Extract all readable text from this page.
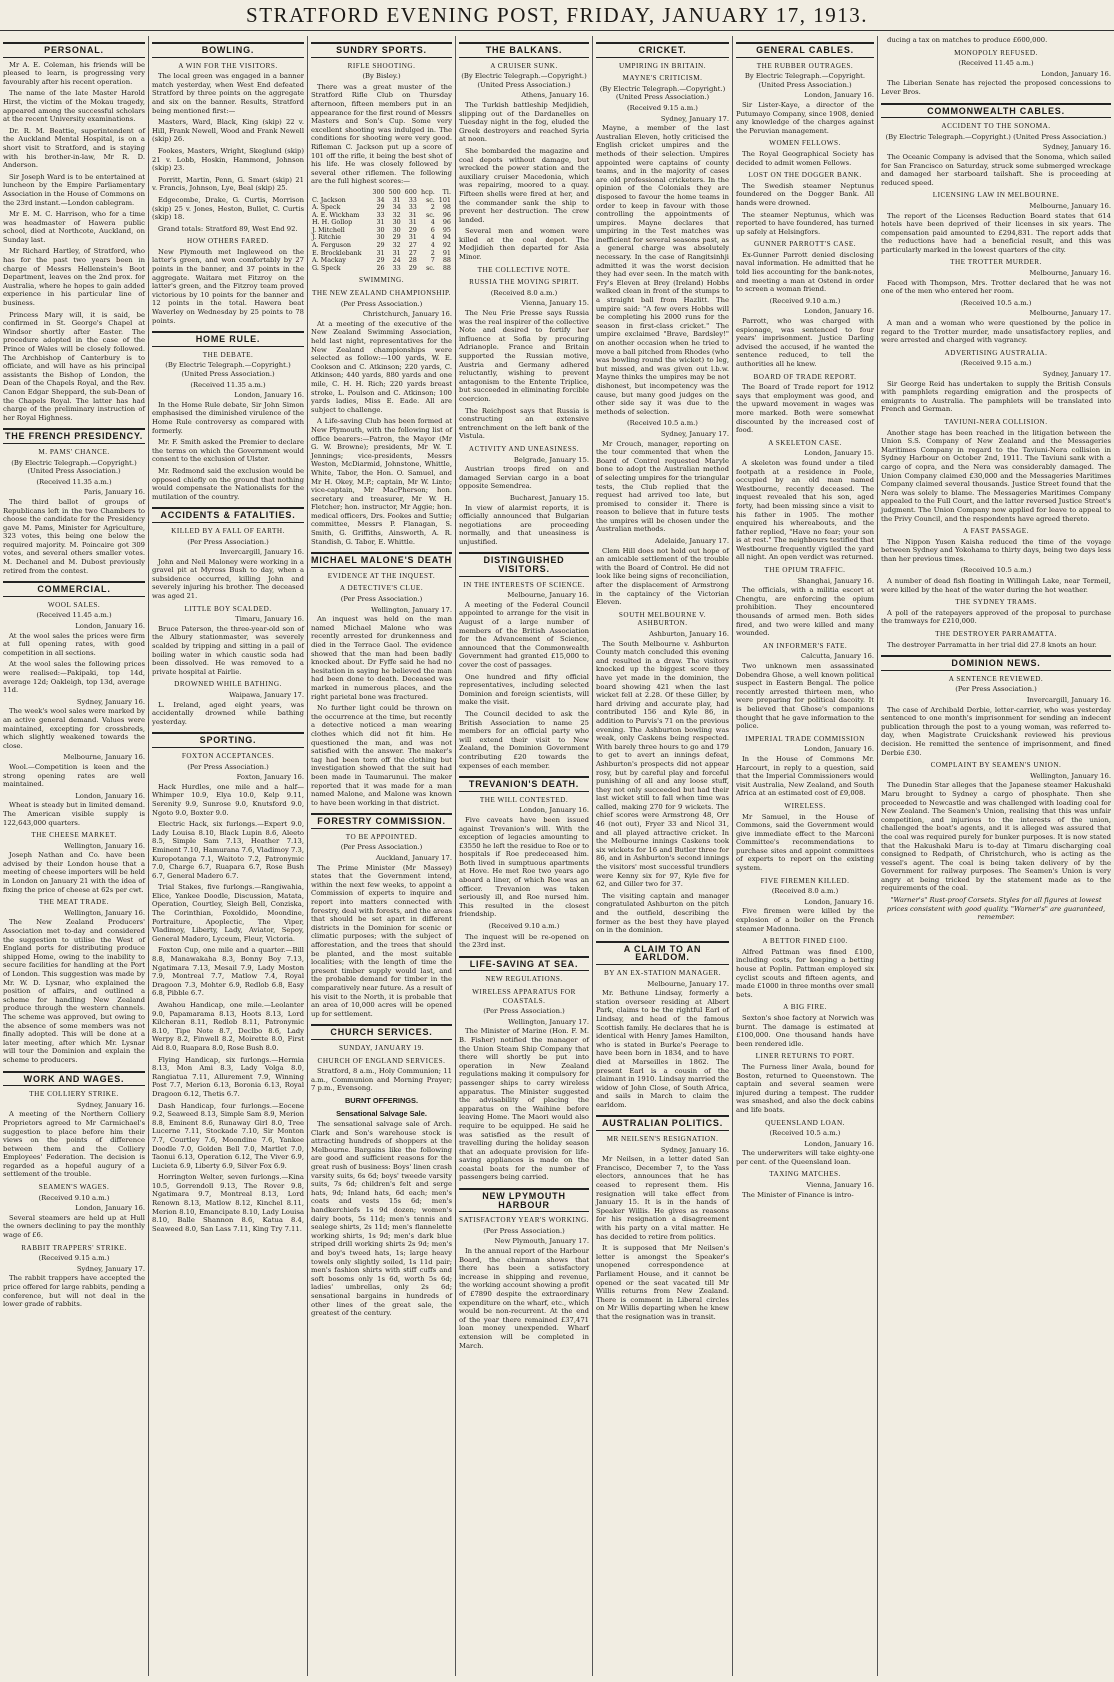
STRATFORD EVENING POST, FRIDAY, JANUARY 17, 1913.
PERSONAL.

Mr A. E. Coleman, his friends will be pleased to learn, is progressing very favourably after his recent operation.

The name of the late Master Harold Hirst, the victim of the Mokau tragedy, appeared among the successful scholars at the recent University examinations.

Dr. R. M. Beattie, superintendent of the Auckland Mental Hospital, is on a short visit to Stratford, and is staying with his brother-in-law, Mr R. D. Anderson.

Sir Joseph Ward is to be entertained at luncheon by the Empire Parliamentary Association in the House of Commons on the 23rd instant.—London cablegram.

Mr E. M. C. Harrison, who for a time was headmaster of Hawera public school, died at Northcote, Auckland, on Sunday last.

Mr Richard Hartley, of Stratford, who has for the past two years been in charge of Messrs Hellenstein's Boot Department, leaves on the 2nd prox. for Australia, where he hopes to gain added experience in his particular line of business.

Princess Mary will, it is said, be confirmed in St. George's Chapel at Windsor shortly after Easter. The procedure adopted in the case of the Prince of Wales will be closely followed. The Archbishop of Canterbury is to officiate, and will have as his principal assistants the Bishop of London, the Dean of the Chapels Royal, and the Rev. Canon Edgar Sheppard, the sub-Dean of the Chapels Royal. The latter has had charge of the preliminary instruction of her Royal Highness.

THE FRENCH PRESIDENCY.
M. PAMS' CHANCE.
(By Electric Telegraph.—Copyright.) (United Press Association.)
(Received 11.35 a.m.)
Paris, January 16.

The third ballot of groups of Republicans left in the two Chambers to choose the candidate for the Presidency gave M. Pams, Minister for Agriculture, 323 votes, this being one below the required majority. M. Poincaire got 309 votes, and several others smaller votes. M. Dechanel and M. Dubost previously retired from the contest.

COMMERCIAL.
WOOL SALES.
(Received 11.45 a.m.)
London, January 16.

At the wool sales the prices were firm at full opening rates, with good competition in all sections.

At the wool sales the following prices were realised:—Pakipaki, top 14d, average 12d; Oakleigh, top 13d, average 11d.

Sydney, January 16.

The week's wool sales were marked by an active general demand. Values were maintained, excepting for crossbreds, which slightly weakened towards the close.

Melbourne, January 16.

Wool.—Competition is keen and the strong opening rates are well maintained.

London, January 16.

Wheat is steady but in limited demand. The American visible supply is 122,643,000 quarters.

THE CHEESE MARKET.
Wellington, January 16.

Joseph Nathan and Co. have been advised by their London house that a meeting of cheese importers will be held in London on January 21 with the idea of fixing the price of cheese at 62s per cwt.

THE MEAT TRADE.
Wellington, January 16.

The New Zealand Producers' Association met to-day and considered the suggestion to utilise the West of England ports for distributing produce shipped Home, owing to the inability to secure facilities for handling at the Port of London. This suggestion was made by Mr. W. D. Lysnar, who explained the position of affairs, and outlined a scheme for handling New Zealand produce through the western channels. The scheme was approved, but owing to the absence of some members was not finally adopted. This will be done at a later meeting, after which Mr. Lysnar will tour the Dominion and explain the scheme to producers.

WORK AND WAGES.
THE COLLIERY STRIKE.
Sydney, January 16.

A meeting of the Northern Colliery Proprietors agreed to Mr Carmichael's suggestion to place before him their views on the points of difference between them and the Colliery Employees' Federation. The decision is regarded as a hopeful augury of a settlement of the trouble.

SEAMEN'S WAGES.
(Received 9.10 a.m.)
London, January 16.

Several steamers are held up at Hull the owners declining to pay the monthly wage of £6.

RABBIT TRAPPERS' STRIKE.
(Received 9.15 a.m.)
Sydney, January 17.

The rabbit trappers have accepted the price offered for large rabbits, pending a conference, but will not deal in the lower grade of rabbits.

BOWLING.
A WIN FOR THE VISITORS.

The local green was engaged in a banner match yesterday, when West End defeated Stratford by three points on the aggregate and six on the banner. Results, Stratford being mentioned first:—

Masters, Ward, Black, King (skip) 22 v. Hill, Frank Newell, Wood and Frank Newell (skip) 26.

Fookes, Masters, Wright, Skeglund (skip) 21 v. Lobb, Hoskin, Hammond, Johnson (skip) 23.

Porritt, Martin, Penn, G. Smart (skip) 21 v. Francis, Johnson, Lye, Beal (skip) 25.

Edgecombe, Drake, G. Curtis, Morrison (skip) 25 v. Jones, Heston, Bullet, C. Curtis (skip) 18.

Grand totals: Stratford 89, West End 92.

HOW OTHERS FARED.

New Plymouth met Ingleweod on the latter's green, and won comfortably by 27 points in the banner, and 37 points in the aggregate. Waitara met Fitzroy on the latter's green, and the Fitzroy team proved victorious by 10 points for the banner and 12 points in the total. Hawera beat Waverley on Wednesday by 25 points to 78 points.

HOME RULE.
THE DEBATE.
(By Electric Telegraph.—Copyright.) (United Press Association.)
(Received 11.35 a.m.)
London, January 16.

In the Home Rule debate, Sir John Simon emphasised the diminished virulence of the Home Rule controversy as compared with formerly.

Mr. F. Smith asked the Premier to declare the terms on which the Government would consent to the exclusion of Ulster.

Mr. Redmond said the exclusion would be opposed chiefly on the ground that nothing would compensate the Nationalists for the mutilation of the country.

ACCIDENTS & FATALITIES.
KILLED BY A FALL OF EARTH.
(Per Press Association.)
Invercargill, January 16.

John and Neil Maloney were working in a gravel pit at Myross Bush to day, when a subsidence occurred, killing John and severely injuring his brother. The deceased was aged 21.

LITTLE BOY SCALDED.
Timaru, January 16.

Bruce Paterson, the three-year-old son of the Albury stationmaster, was severely scalded by tripping and sitting in a pail of boiling water in which caustic soda had been dissolved. He was removed to a private hospital at Fairlie.

DROWNED WHILE BATHING.
Waipawa, January 17.

L. Ireland, aged eight years, was accidentally drowned while bathing yesterday.

SPORTING.
FOXTON ACCEPTANCES.
(Per Press Association.)
Foxton, January 16.

Hack Hurdles, one mile and a half—Whimper 10.9, Elya 10.0, Kelp 9.11, Serenity 9.9, Sunrose 9.0, Knutsford 9.0, Ngoto 9.0, Boxter 9.0.

Electric Hack, six furlongs.—Expert 9.0, Lady Louisa 8.10, Black Lupin 8.6, Aleeto 8.5, Simple Sam 7.13, Heather 7.13, Eminent 7.10, Hamurana 7.6, Vladimoy 7.3, Kuropotanga 7.1, Waitoto 7.2, Patronymic 7.0, Charge 6.7, Ruapara 6.7, Rose Bush 6.7, General Madero 6.7.

Trial Stakes, five furlongs.—Rangiwahia, Elice, Yankee Doodle, Discussion, Matata, Operation, Courtley, Sleigh Bell, Conziska, The Corinthian, Foxoldido, Moondine, Portraiture, Apoplectic, The Viper, Vladimoy, Liberty, Lady, Aviator, Sepoy, General Madero, Lyceum, Fleur, Victoria.

Foxton Cup, one mile and a quarter.—Bill 8.8, Manawakaha 8.3, Bonny Boy 7.13, Ngatimara 7.13, Mesail 7.9, Lady Moston 7.9, Montreal 7.7, Matlow 7.4, Royal Dragoon 7.3, Mohter 6.9, Redlob 6.8, Easy 6.8, Pibble 6.7.

Awahou Handicap, one mile.—Leolanter 9.0, Papamarama 8.13, Hoots 8.13, Lord Kilcheran 8.11, Redlob 8.11, Patronymic 8.10, Tipe Note 8.7, Declbo 8.6, Lady Werpy 8.2, Finwell 8.2, Moirette 8.0, First Aid 8.0, Ruapara 8.0, Rose Bush 8.0.

Flying Handicap, six furlongs.—Hermia 8.13, Mon Ami 8.3, Lady Volga 8.0, Rangiatua 7.11, Allurement 7.9, Winning Post 7.7, Merion 6.13, Boronia 6.13, Royal Dragoon 6.12, Thetis 6.7.

Dash Handicap, four furlongs.—Eocene 9.2, Seaweed 8.13, Simple Sam 8.9, Merion 8.8, Eminent 8.6, Runaway Girl 8.0, Tree Lucerne 7.11, Stockade 7.10, Sir Monton 7.7, Courtley 7.6, Moondine 7.6, Yankee Doodle 7.0, Golden Bell 7.0, Martlet 7.0, Taonui 6.13, Operation 6.12, The Viver 6.9, Lucieta 6.9, Liberty 6.9, Silver Fox 6.9.

Horrington Welter, seven furlongs.—Kina 10.5, Gorrendoll 9.13, The Rover 9.8, Ngatimara 9.7, Montreal 8.13, Lord Renown 8.13, Matlow 8.12, Kinchel 8.11, Merion 8.10, Emancipate 8.10, Lady Louisa 8.10, Balle Shannon 8.6, Katua 8.4, Seaweed 8.0, San Lass 7.11, King Try 7.11.

SUNDRY SPORTS.
RIFLE SHOOTING.
(By Bisley.)

There was a great muster of the Stratford Rifle Club on Thursday afternoon, fifteen members put in an appearance for the first round of Messrs Masters and Son's Cup. Some very excellent shooting was indulged in. The conditions for shooting were very good. Rifleman C. Jackson put up a score of 101 off the rifle, it being the best shot of his life. He was closely followed by several other riflemen. The following are the full highest scores:—

	300	500	600	hcp.	Tl.
C. Jackson	34	31	33	sc.	101
A. Speck	29	34	33	2	98
A. E. Wickham	33	32	31	sc.	96
H. H. Gollop	31	30	31	4	96
J. Mitchell	30	30	29	6	95
J. Ritchie	30	29	31	4	94
A. Ferguson	29	32	27	4	92
E. Brocklebank	31	31	27	2	91
A. Mackay	29	24	28	7	88
G. Speck	26	33	29	sc.	88
SWIMMING.
THE NEW ZEALAND CHAMPIONSHIP.
(Per Press Association.)
Christchurch, January 16.

At a meeting of the executive of the New Zealand Swimming Association, held last night, representatives for the New Zealand championships were selected as follow:—100 yards, W. E. Cookson and C. Atkinson; 220 yards, C. Atkinson; 440 yards, 880 yards and one mile, C. H. H. Rich; 220 yards breast stroke, L. Poulson and C. Atkinson; 100 yards ladies, Miss E. Eade. All are subject to challenge.

A Life-saving Club has been formed at New Plymouth, with the following list of office bearers:—Patron, the Mayor (Mr G. W. Browne); presidents, Mr W. T. Jennings; vice-presidents, Messrs Weston, McDiarmid, Johnstone, Whittle, White, Tabor, the Hon. O. Samuel, and Mr H. Okey, M.P.; captain, Mr W. Linto; vice-captain, Mr MacPherson; hon. secretary and treasurer, Mr W. H. Fletcher; hon. instructor, Mr Aggie; hon. medical officers, Drs. Fookes and Suttie; committee, Messrs P. Flanagan, S. Smith, G. Griffiths, Ainsworth, A. R. Standish, G. Tabor, E. Whittle.

MICHAEL MALONE'S DEATH
EVIDENCE AT THE INQUEST.
A DETECTIVE'S CLUE.
(Per Press Association.)
Wellington, January 17.

An inquest was held on the man named Michael Malone who was recently arrested for drunkenness and died in the Terrace Gaol. The evidence showed that the man had been badly knocked about. Dr Fyffe said he had no hesitation in saying he believed the man had been done to death. Deceased was marked in numerous places, and the right parietal bone was fractured.

No further light could be thrown on the occurrence at the time, but recently a detective noticed a man wearing clothes which did not fit him. He questioned the man, and was not satisfied with the answer. The maker's tag had been torn off the clothing but investigation showed that the suit had been made in Taumarunui. The maker reported that it was made for a man named Malone, and Malone was known to have been working in that district.

FORESTRY COMMISSION.
TO BE APPOINTED.
(Per Press Association.)
Auckland, January 17.

The Prime Minister (Mr Massey) states that the Government intend, within the next few weeks, to appoint a Commission of experts to inquire and report into matters connected with forestry, deal with forests, and the areas that should be set apart in different districts in the Dominion for scenic or climatic purposes; with the subject of afforestation, and the trees that should be planted, and the most suitable localities; with the length of time the present timber supply would last, and the probable demand for timber in the comparatively near future. As a result of his visit to the North, it is probable that an area of 10,000 acres will be opened up for settlement.

CHURCH SERVICES.
SUNDAY, JANUARY 19.
CHURCH OF ENGLAND SERVICES.

Stratford, 8 a.m., Holy Communion; 11 a.m., Communion and Morning Prayer; 7 p.m., Evensong.

BURNT OFFERINGS.
Sensational Salvage Sale.

The sensational salvage sale of Arch. Clark and Son's warehouse stock is attracting hundreds of shoppers at the Melbourne. Bargains like the following are good and sufficient reasons for the great rush of business: Boys' linen crash varsity suits, 6s 6d; boys' tweede varsity suits, 7s 6d; children's felt and serge hats, 9d; Inland hats, 6d each; men's coats and vests 15s 6d; men's handkerchiefs 1s 9d dozen; women's dairy boots, 5s 11d; men's tennis and sealege shirts, 2s 11d; men's flannelette working shirts, 1s 9d; men's dark blue striped drill working shirts 2s 9d; men's and boy's tweed hats, 1s; large heavy towels only slightly soiled, 1s 11d pair; men's fashion shirts with stiff cuffs and soft bosoms only 1s 6d, worth 5s 6d; ladies' umbrellas, only 2s 6d; sensational bargains in hundreds of other lines of the great sale, the greatest of the century.

THE BALKANS.
A CRUISER SUNK.
(By Electric Telegraph.—Copyright.) (United Press Association.)
Athens, January 16.

The Turkish battleship Medjidieh, slipping out of the Dardanelles on Tuesday night in the fog, eluded the Greek destroyers and reached Syria at noon.

She bombarded the magazine and coal depots without damage, but wrecked the power station and the auxiliary cruiser Macedonia, which was repairing, moored to a quay. Fifteen shells were fired at her, and the commander sank the ship to prevent her destruction. The crew landed.

Several men and women were killed at the coal depot. The Medjidieh then departed for Asia Minor.

THE COLLECTIVE NOTE.
RUSSIA THE MOVING SPIRIT.
(Received 8.0 a.m.)
Vienna, January 15.

The Neu Frie Presse says Russia was the real inspirer of the collective Note and desired to fortify her influence at Sofia by procuring Adrianople. France and Britain supported the Russian motive, Austria and Germany adhered reluctantly, wishing to prevent antagonism to the Entente Triplice, but succeeded in eliminating forcible coercion.

The Reichpost says that Russia is constructing an extensive entrenchment on the left bank of the Vistula.

ACTIVITY AND UNEASINESS.
Belgrade, January 15.

Austrian troops fired on and damaged Servian cargo in a boat opposite Semendrea.

Bucharest, January 15.

In view of alarmist reports, it is officially announced that Bulgarian negotiations are proceeding normally, and that uneasiness is unjustified.

DISTINGUISHED VISITORS.
IN THE INTERESTS OF SCIENCE.
Melbourne, January 16.

A meeting of the Federal Council appointed to arrange for the visit in August of a large number of members of the British Association for the Advancement of Science, announced that the Commonwealth Government had granted £15,000 to cover the cost of passages.

One hundred and fifty official representatives, including selected Dominion and foreign scientists, will make the visit.

The Council decided to ask the British Association to name 25 members for an official party who will extend their visit to New Zealand, the Dominion Government contributing £20 towards the expenses of each member.

TREVANION'S DEATH.
THE WILL CONTESTED.
London, January 16.

Five caveats have been issued against Trevanion's will. With the exception of legacies amounting to £3550 he left the residue to Roe or to hospitals if Roe predeceased him. Both lived in sumptuous apartments at Hove. He met Roe two years ago aboard a liner, of which Roe was an officer. Trevanion was taken seriously ill, and Roe nursed him. This resulted in the closest friendship.

(Received 9.10 a.m.)

The inquest will be re-opened on the 23rd inst.

LIFE-SAVING AT SEA.
NEW REGULATIONS.
WIRELESS APPARATUS FOR COASTALS.
(Per Press Association.)
Wellington, January 17.

The Minister of Marine (Hon. F. M. B. Fisher) notified the manager of the Union Steam Ship Company that there will shortly be put into operation in New Zealand regulations making it compulsory for passenger ships to carry wireless apparatus. The Minister suggested the advisability of placing the apparatus on the Waihine before leaving Home. The Maori would also require to be equipped. He said he was satisfied as the result of travelling during the holiday season that an adequate provision for life-saving appliances is made on the coastal boats for the number of passengers being carried.

NEW LPYMOUTH HARBOUR
SATISFACTORY YEAR'S WORKING.
(Per Press Association.)
New Plymouth, January 17.

In the annual report of the Harbour Board, the chairman shows that there has been a satisfactory increase in shipping and revenue, the working account showing a profit of £7890 despite the extraordinary expenditure on the wharf, etc., which would be non-recurrent. At the end of the year there remained £37,471 loan money unexpended. Wharf extension will be completed in March.

CRICKET.
UMPIRING IN BRITAIN.
MAYNE'S CRITICISM.
(By Electric Telegraph.—Copyright.) (United Press Association.)
(Received 9.15 a.m.)
Sydney, January 17.

Mayne, a member of the last Australian Eleven, hotly criticised the English cricket umpires and the methods of their selection. Umpires appointed were captains of county teams, and in the majority of cases are old professional cricketers. In the opinion of the Colonials they are disposed to favour the home teams in order to keep in favour with those controlling the appointments of umpires. Mayne declares that umpiring in the Test matches was inefficient for several seasons past, as a general charge was absolutely necessary. In the case of Rangitsinhji admitted it was the worst decision they had ever seen. In the match with Fry's Eleven at Brey (Ireland) Hobbs walked clean in front of the stumps to a straight ball from Hazlitt. The umpire said: "A few overs Hobbs will be completing his 2000 runs for the season in first-class cricket." The umpire exclaimed "Brave, Bardsley!" on another occasion when he tried to move a ball pitched from Rhodes (who was bowling round the wicket) to leg, but missed, and was given out l.b.w. Mayne thinks the umpires may be not dishonest, but incompetency was the cause, but many good judges on the other side say it was due to the methods of selection.

(Received 10.5 a.m.)
Sydney, January 17.

Mr Crouch, manager, reporting on the tour commented that when the Board of Control requested Maryle bone to adopt the Australian method of selecting umpires for the triangular tests, the Club replied that the request had arrived too late, but promised to consider it. There is reason to believe that in future tests the umpires will be chosen under the Australian methods.

Adelaide, January 17.

Clem Hill does not hold out hope of an amicable settlement of the trouble with the Board of Control. He did not look like being signs of reconciliation, after the displacement of Armstrong in the captaincy of the Victorian Eleven.

SOUTH MELBOURNE V. ASHBURTON.
Ashburton, January 16.

The South Melbourne v. Ashburton County match concluded this evening and resulted in a draw. The visitors knocked up the biggest score they have yet made in the dominion, the board showing 421 when the last wicket fell at 2.28. Of these Giller, by hard driving and accurate play, had contributed 156 and Kyle 86, in addition to Purvis's 71 on the previous evening. The Ashburton bowling was weak, only Caskens being respected. With barely three hours to go and 179 to get to avert an innings defeat, Ashburton's prospects did not appear rosy, but by careful play and forceful punishing of all and any loose stuff, they not only succeeded but had their last wicket still to fall when time was called, making 270 for 9 wickets. The chief scores were Armstrong 48, Orr 46 (not out), Fryer 33 and Nicol 31, and all played attractive cricket. In the Melbourne innings Caskens took six wickets for 16 and Butler three for 86, and in Ashburton's second innings the visitors' most successful trundlers were Kenny six for 97, Kyle five for 62, and Giller two for 37.

The visiting captain and manager congratulated Ashburton on the pitch and the outfield, describing the former as the best they have played on in the dominion.

A CLAIM TO AN EARLDOM.
BY AN EX-STATION MANAGER.
Melbourne, January 17.

Mr. Bethune Lindsay, formerly a station overseer residing at Albert Park, claims to be the rightful Earl of Lindsay, and head of the famous Scottish family. He declares that he is identical with Henry James Hamilton, who is stated in Burke's Peerage to have been born in 1834, and to have died at Marseilles in 1862. The present Earl is a cousin of the claimant in 1910. Lindsay married the widow of John Close, of South Africa, and sails in March to claim the earldom.

AUSTRALIAN POLITICS.
MR NEILSEN'S RESIGNATION.
Sydney, January 16.

Mr Neilsen, in a letter dated San Francisco, December 7, to the Yass electors, announces that he has ceased to represent them. His resignation will take effect from January 15. It is in the hands of Speaker Willis. He gives as reasons for his resignation a disagreement with his party on a vital matter. He has decided to retire from politics.

It is supposed that Mr Neilsen's letter is amongst the Speaker's unopened correspondence at Parliament House, and it cannot be opened or the seat vacated till Mr Willis returns from New Zealand. There is comment in Liberal circles on Mr Willis departing when he knew that the resignation was in transit.

GENERAL CABLES.
THE RUBBER OUTRAGES.
By Electric Telegraph.—Copyright. (United Press Association.)
London, January 16.

Sir Lister-Kaye, a director of the Putumayo Company, since 1908, denied any knowledge of the charges against the Peruvian management.

WOMEN FELLOWS.

The Royal Geographical Society has decided to admit women Fellows.

LOST ON THE DOGGER BANK.

The Swedish steamer Neptunus foundered on the Dogger Bank. All hands were drowned.

The steamer Neptunus, which was reported to have foundered, has turned up safely at Helsingfors.

GUNNER PARROTT'S CASE.

Ex-Gunner Parrott denied disclosing naval information. He admitted that he told lies accounting for the bank-notes, and meeting a man at Ostend in order to screen a woman friend.

(Received 9.10 a.m.)
London, January 16.

Parrott, who was charged with espionage, was sentenced to four years' imprisonment. Justice Darling advised the accused, if he wanted the sentence reduced, to tell the authorities all he knew.

BOARD OF TRADE REPORT.

The Board of Trade report for 1912 says that employment was good, and the upward movement in wages was more marked. Both were somewhat discounted by the increased cost of food.

A SKELETON CASE.
London, January 15.

A skeleton was found under a tiled footpath at a residence in Poole, occupied by an old man named Westbourne, recently deceased. The inquest revealed that his son, aged forty, had been missing since a visit to his father in 1905. The mother enquired his whereabouts, and the father replied, "Have no fear; your son is at rest." The neighbours testified that Westbourne frequently vigiled the yard all night. An open verdict was returned.

THE OPIUM TRAFFIC.
Shanghai, January 16.

The officials, with a militia escort at Chengtu, are enforcing the opium prohibition. They encountered thousands of armed men. Both sides fired, and two were killed and many wounded.

AN INFORMER'S FATE.
Calcutta, January 16.

Two unknown men assassinated Dobendra Ghose, a well known political suspect in Eastern Bengal. The police recently arrested thirteen men, who were preparing for political dacoity. It is believed that Ghose's companions thought that he gave information to the police.

IMPERIAL TRADE COMMISSION
London, January 16.

In the House of Commons Mr. Harcourt, in reply to a question, said that the Imperial Commissioners would visit Australia, New Zealand, and South Africa at an estimated cost of £9,008.

WIRELESS.

Mr Samuel, in the House of Commons, said the Government would give immediate effect to the Marconi Committee's recommendations to purchase sites and appoint committees of experts to report on the existing system.

FIVE FIREMEN KILLED.
(Received 8.0 a.m.)
London, January 16.

Five firemen were killed by the explosion of a boiler on the French steamer Madonna.

A BETTOR FINED £100.

Alfred Pattman was fined £100, including costs, for keeping a betting house at Poplin. Pattman employed six cyclist scouts and fifteen agents, and made £1000 in three months over small bets.

A BIG FIRE.

Sexton's shoe factory at Norwich was burnt. The damage is estimated at £100,000. One thousand hands have been rendered idle.

LINER RETURNS TO PORT.

The Furness liner Avala, bound for Boston, returned to Queenstown. The captain and several seamen were injured during a tempest. The rudder was smashed, and also the deck cabins and life boats.

QUEENSLAND LOAN.
(Received 10.5 a.m.)
London, January 16.

The underwriters will take eighty-one per cent. of the Queensland loan.

TAXING MATCHES.
Vienna, January 16.

The Minister of Finance is intro-

ducing a tax on matches to produce £600,000.

MONOPOLY REFUSED.
(Received 11.45 a.m.)
London, January 16.

The Liberian Senate has rejected the proposed concessions to Lever Bros.

COMMONWEALTH CABLES.
ACCIDENT TO THE SONOMA.
(By Electric Telegraph.—Copyright.) (United Press Association.)
Sydney, January 16.

The Oceanic Company is advised that the Sonoma, which sailed for San Francisco on Saturday, struck some submerged wreckage and damaged her starboard tailshaft. She is proceeding at reduced speed.

LICENSING LAW IN MELBOURNE.
Melbourne, January 16.

The report of the Licenses Reduction Board states that 614 hotels have been deprived of their licenses in six years. The compensation paid amounted to £294,831. The report adds that the reductions have had a beneficial result, and this was particularly marked in the lowest quarters of the city.

THE TROTTER MURDER.
Melbourne, January 16.

Faced with Thompson, Mrs. Trotter declared that he was not one of the men who entered her room.

(Received 10.5 a.m.)
Melbourne, January 17.

A man and a woman who were questioned by the police in regard to the Trotter murder, made unsatisfactory replies, and were arrested and charged with vagrancy.

ADVERTISING AUSTRALIA.
(Received 9.15 a.m.)
Sydney, January 17.

Sir George Reid has undertaken to supply the British Consuls with pamphlets regarding emigration and the prospects of emigrants to Australia. The pamphlets will be translated into French and German.

TAVIUNI-NERA COLLISION.

Another stage has been reached in the litigation between the Union S.S. Company of New Zealand and the Messageries Maritimes Company in regard to the Taviuni-Nera collision in Sydney Harbour on October 2nd, 1911. The Taviuni sank with a cargo of copra, and the Nera was considerably damaged. The Union Company claimed £30,000 and the Messageries Maritimes Company claimed several thousands. Justice Street found that the Nera was solely to blame. The Messageries Maritimes Company appealed to the Full Court, and the latter reversed Justice Street's judgment. The Union Company now applied for leave to appeal to the Privy Council, and the respondents have agreed thereto.

A FAST PASSAGE.

The Nippon Yusen Kaisha reduced the time of the voyage between Sydney and Yokohama to thirty days, being two days less than her previous times.

(Received 10.5 a.m.)

A number of dead fish floating in Willingah Lake, near Termeil, were killed by the heat of the water during the hot weather.

THE SYDNEY TRAMS.

A poll of the ratepayers approved of the proposal to purchase the tramways for £210,000.

THE DESTROYER PARRAMATTA.

The destroyer Parramatta in her trial did 27.8 knots an hour.

DOMINION NEWS.
A SENTENCE REVIEWED.
(Per Press Association.)
Invercargill, January 16.

The case of Archibald Derbie, letter-carrier, who was yesterday sentenced to one month's imprisonment for sending an indecent publication through the post to a young woman, was referred to-day, when Magistrate Cruickshank reviewed his previous decision. He remitted the sentence of imprisonment, and fined Derbie £30.

COMPLAINT BY SEAMEN'S UNION.
Wellington, January 16.

The Dunedin Star alleges that the Japanese steamer Hakushaki Maru brought to Sydney a cargo of phosphate. Then she proceeded to Newcastle and was challenged with loading coal for New Zealand. The Seamen's Union, realising that this was unfair competition, and injurious to the interests of the union, challenged the boat's agents, and it is alleged was assured that the coal was required purely for bunker purposes. It is now stated that the Hakushaki Maru is to-day at Timaru discharging coal consigned to Redpath, of Christchurch, who is acting as the vessel's agent. The coal is being taken delivery of by the Government for railway purposes. The Seamen's Union is very angry at being tricked by the statement made as to the requirements of the coal.

"Warner's" Rust-proof Corsets. Styles for all figures at lowest prices consistent with good quality. "Warner's" are guaranteed, remember.
